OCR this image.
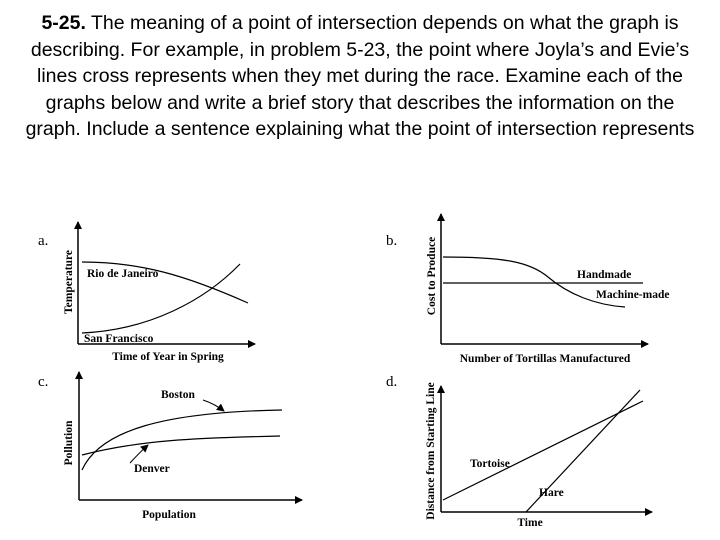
5-25. The meaning of a point of intersection depends on what the graph is describing. For example, in problem 5-23, the point where Joyla’s and Evie’s lines cross represents when they met during the race. Examine each of the graphs below and write a brief story that describes the information on the graph. Include a sentence explaining what the point of intersection represents

a.
Temperature
Time of Year in Spring
Rio de Janeiro
San Francisco
b.	Cost to Produce
Number of Tortillas Manufactured
Handmade
Machine-made
c.
Pollution
Population
Boston
Denver
d.
Distance from Starting Line
Time
Tortoise
Hare
